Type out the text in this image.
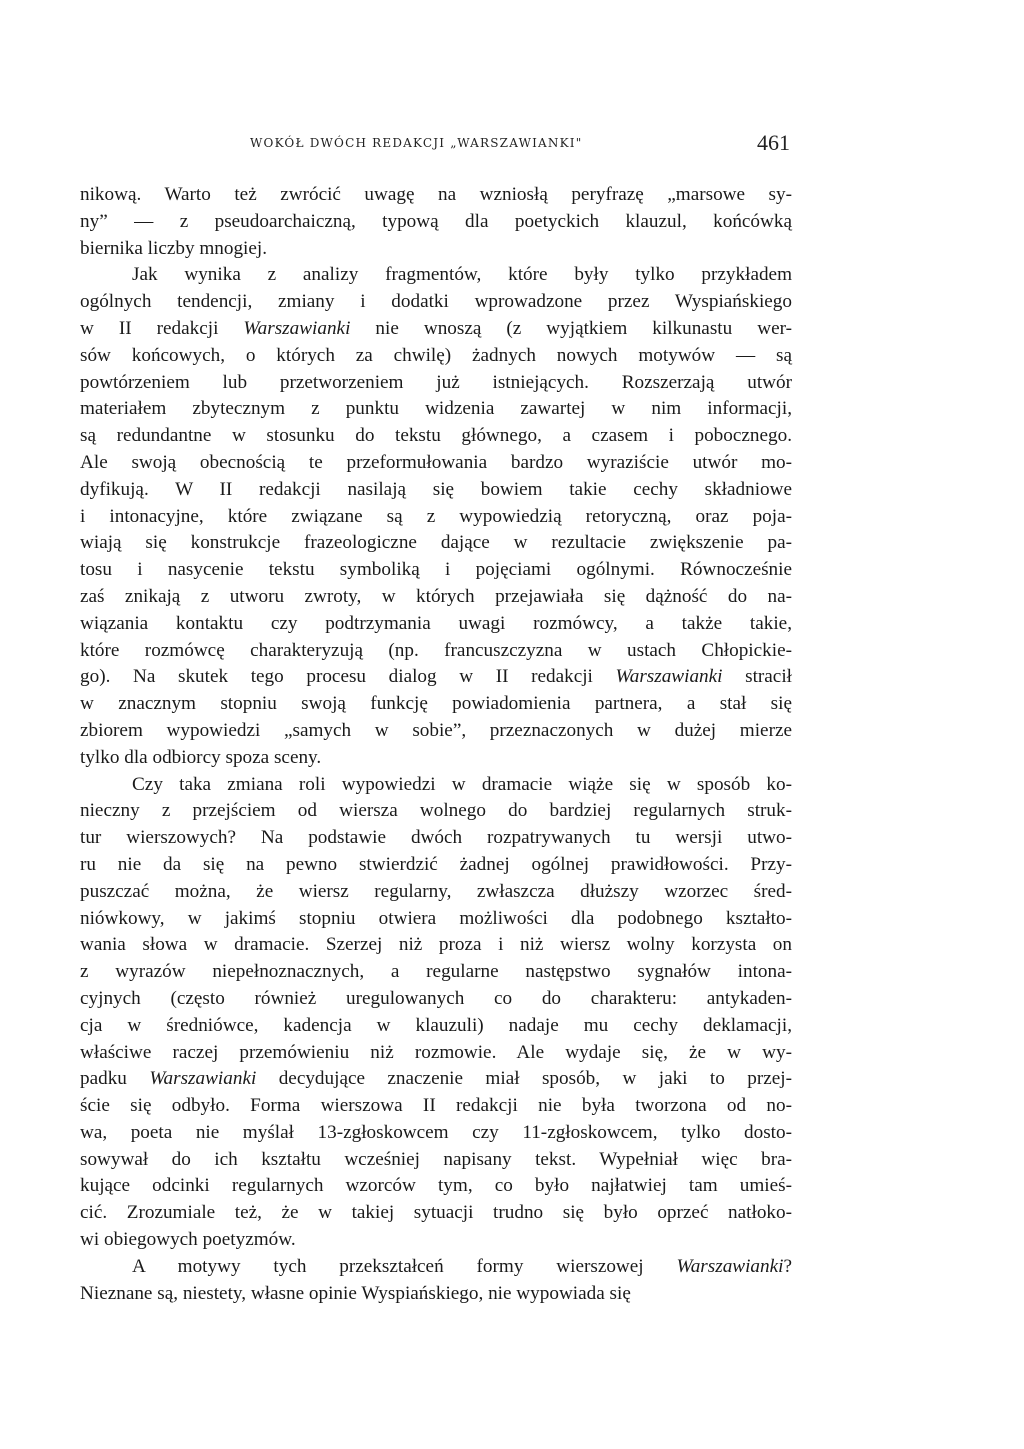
WOKÓŁ DWÓCH REDAKCJI „WARSZAWIANKI"	461
nikową. Warto też zwrócić uwagę na wzniosłą peryfrazę „marsowe sy-
ny” — z pseudoarchaiczną, typową dla poetyckich klauzul, końcówką
biernika liczby mnogiej.
Jak wynika z analizy fragmentów, które były tylko przykładem
ogólnych tendencji, zmiany i dodatki wprowadzone przez Wyspiańskiego
w II redakcji Warszawianki nie wnoszą (z wyjątkiem kilkunastu wer-
sów końcowych, o których za chwilę) żadnych nowych motywów — są
powtórzeniem lub przetworzeniem już istniejących. Rozszerzają utwór
materiałem zbytecznym z punktu widzenia zawartej w nim informacji,
są redundantne w stosunku do tekstu głównego, a czasem i pobocznego.
Ale swoją obecnością te przeformułowania bardzo wyraziście utwór mo-
dyfikują. W II redakcji nasilają się bowiem takie cechy składniowe
i intonacyjne, które związane są z wypowiedzią retoryczną, oraz poja-
wiają się konstrukcje frazeologiczne dające w rezultacie zwiększenie pa-
tosu i nasycenie tekstu symboliką i pojęciami ogólnymi. Równocześnie
zaś znikają z utworu zwroty, w których przejawiała się dążność do na-
wiązania kontaktu czy podtrzymania uwagi rozmówcy, a także takie,
które rozmówcę charakteryzują (np. francuszczyzna w ustach Chłopickie-
go). Na skutek tego procesu dialog w II redakcji Warszawianki stracił
w znacznym stopniu swoją funkcję powiadomienia partnera, a stał się
zbiorem wypowiedzi „samych w sobie”, przeznaczonych w dużej mierze
tylko dla odbiorcy spoza sceny.
Czy taka zmiana roli wypowiedzi w dramacie wiąże się w sposób ko-
nieczny z przejściem od wiersza wolnego do bardziej regularnych struk-
tur wierszowych? Na podstawie dwóch rozpatrywanych tu wersji utwo-
ru nie da się na pewno stwierdzić żadnej ogólnej prawidłowości. Przy-
puszczać można, że wiersz regularny, zwłaszcza dłuższy wzorzec śred-
niówkowy, w jakimś stopniu otwiera możliwości dla podobnego kształto-
wania słowa w dramacie. Szerzej niż proza i niż wiersz wolny korzysta on
z wyrazów niepełnoznacznych, a regularne następstwo sygnałów intona-
cyjnych (często również uregulowanych co do charakteru: antykaden-
cja w średniówce, kadencja w klauzuli) nadaje mu cechy deklamacji,
właściwe raczej przemówieniu niż rozmowie. Ale wydaje się, że w wy-
padku Warszawianki decydujące znaczenie miał sposób, w jaki to przej-
ście się odbyło. Forma wierszowa II redakcji nie była tworzona od no-
wa, poeta nie myślał 13-zgłoskowcem czy 11-zgłoskowcem, tylko dosto-
sowywał do ich kształtu wcześniej napisany tekst. Wypełniał więc bra-
kujące odcinki regularnych wzorców tym, co było najłatwiej tam umieś-
cić. Zrozumiale też, że w takiej sytuacji trudno się było oprzeć natłoko-
wi obiegowych poetyzmów.
A motywy tych przekształceń formy wierszowej Warszawianki?
Nieznane są, niestety, własne opinie Wyspiańskiego, nie wypowiada się
